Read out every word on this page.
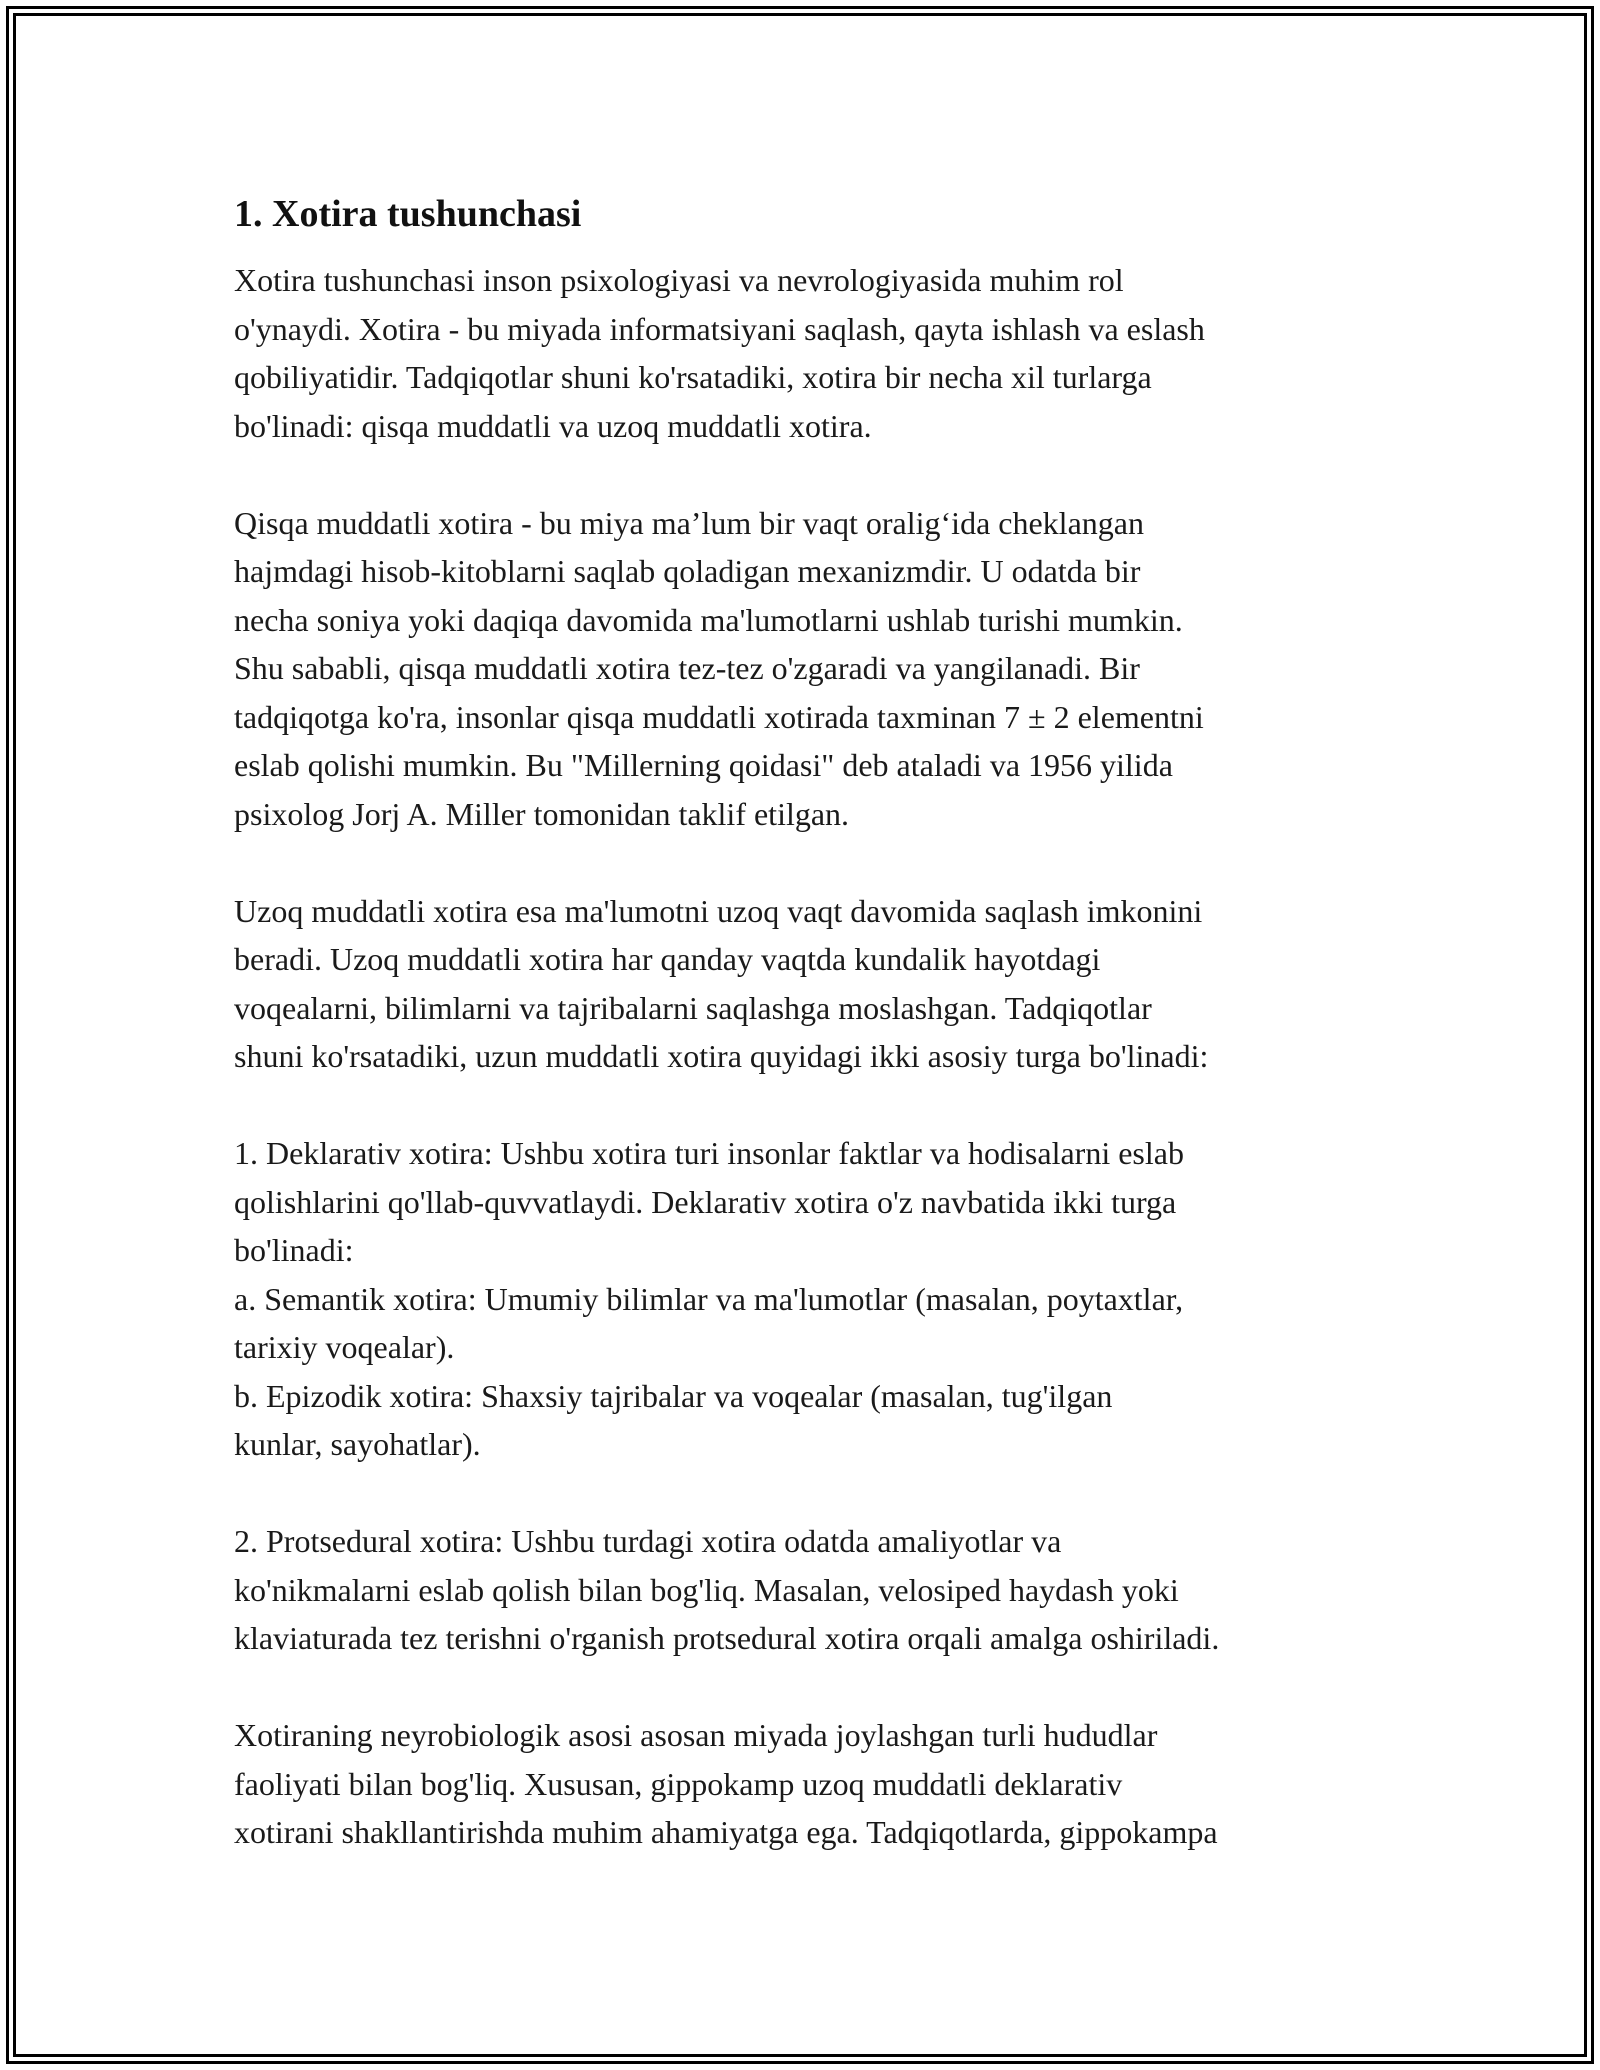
1. Xotira tushunchasi

Xotira tushunchasi inson psixologiyasi va nevrologiyasida muhim rol
o'ynaydi. Xotira - bu miyada informatsiyani saqlash, qayta ishlash va eslash
qobiliyatidir. Tadqiqotlar shuni ko'rsatadiki, xotira bir necha xil turlarga
bo'linadi: qisqa muddatli va uzoq muddatli xotira.

Qisqa muddatli xotira - bu miya ma’lum bir vaqt oralig‘ida cheklangan
hajmdagi hisob-kitoblarni saqlab qoladigan mexanizmdir. U odatda bir
necha soniya yoki daqiqa davomida ma'lumotlarni ushlab turishi mumkin.
Shu sababli, qisqa muddatli xotira tez-tez o'zgaradi va yangilanadi. Bir
tadqiqotga ko'ra, insonlar qisqa muddatli xotirada taxminan 7 ± 2 elementni
eslab qolishi mumkin. Bu "Millerning qoidasi" deb ataladi va 1956 yilida
psixolog Jorj A. Miller tomonidan taklif etilgan.

Uzoq muddatli xotira esa ma'lumotni uzoq vaqt davomida saqlash imkonini
beradi. Uzoq muddatli xotira har qanday vaqtda kundalik hayotdagi
voqealarni, bilimlarni va tajribalarni saqlashga moslashgan. Tadqiqotlar
shuni ko'rsatadiki, uzun muddatli xotira quyidagi ikki asosiy turga bo'linadi:

1. Deklarativ xotira: Ushbu xotira turi insonlar faktlar va hodisalarni eslab
qolishlarini qo'llab-quvvatlaydi. Deklarativ xotira o'z navbatida ikki turga
bo'linadi:
a. Semantik xotira: Umumiy bilimlar va ma'lumotlar (masalan, poytaxtlar,
tarixiy voqealar).
b. Epizodik xotira: Shaxsiy tajribalar va voqealar (masalan, tug'ilgan
kunlar, sayohatlar).

2. Protsedural xotira: Ushbu turdagi xotira odatda amaliyotlar va
ko'nikmalarni eslab qolish bilan bog'liq. Masalan, velosiped haydash yoki
klaviaturada tez terishni o'rganish protsedural xotira orqali amalga oshiriladi.

Xotiraning neyrobiologik asosi asosan miyada joylashgan turli hududlar
faoliyati bilan bog'liq. Xususan, gippokamp uzoq muddatli deklarativ
xotirani shakllantirishda muhim ahamiyatga ega. Tadqiqotlarda, gippokampa
